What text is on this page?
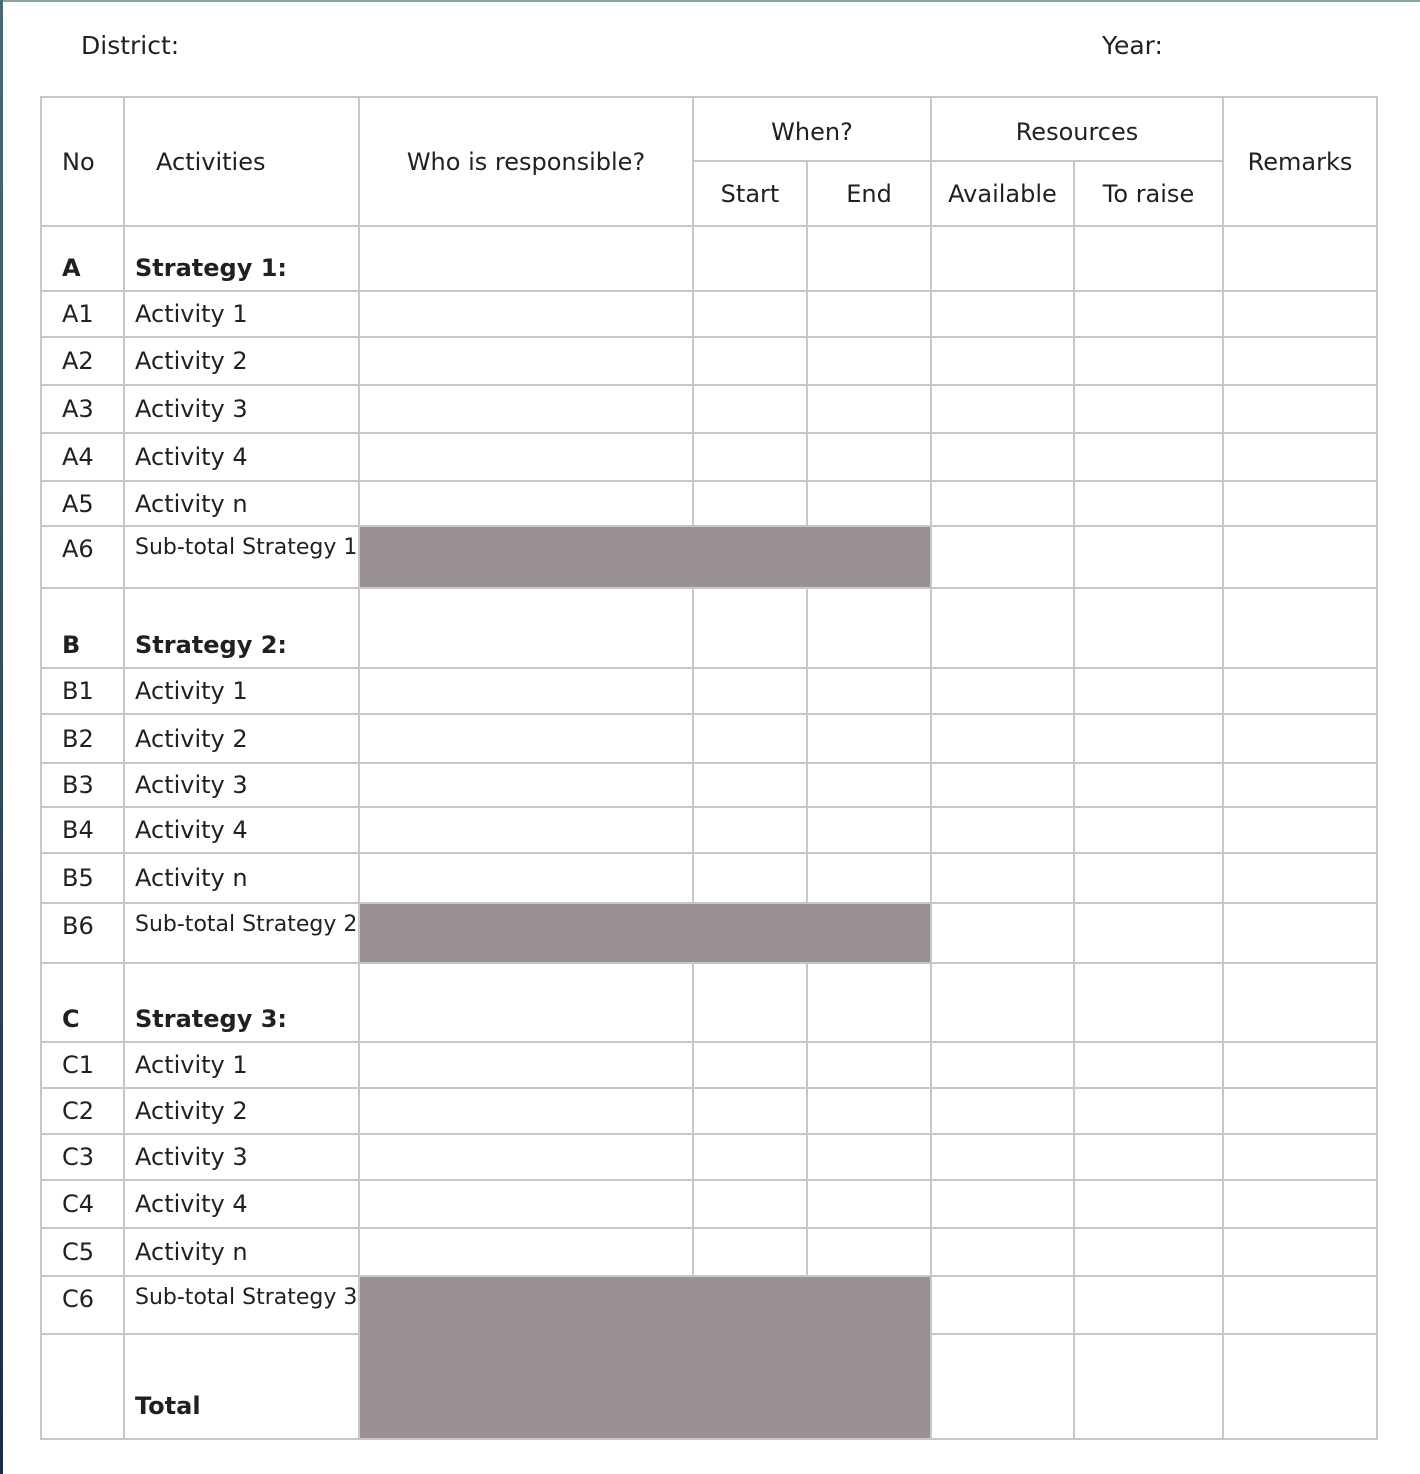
District:	Year:
No	Activities	Who is responsible?	When?		Resources		Remarks
			Start	End	Available	To raise	
A	Strategy 1:						
A1	Activity 1						
A2	Activity 2						
A3	Activity 3						
A4	Activity 4						
A5	Activity n						
A6	Sub-total Strategy 1						
B	Strategy 2:						
B1	Activity 1						
B2	Activity 2						
B3	Activity 3						
B4	Activity 4						
B5	Activity n						
B6	Sub-total Strategy 2						
C	Strategy 3:						
C1	Activity 1						
C2	Activity 2						
C3	Activity 3						
C4	Activity 4						
C5	Activity n						
C6	Sub-total Strategy 3						
	Total						
